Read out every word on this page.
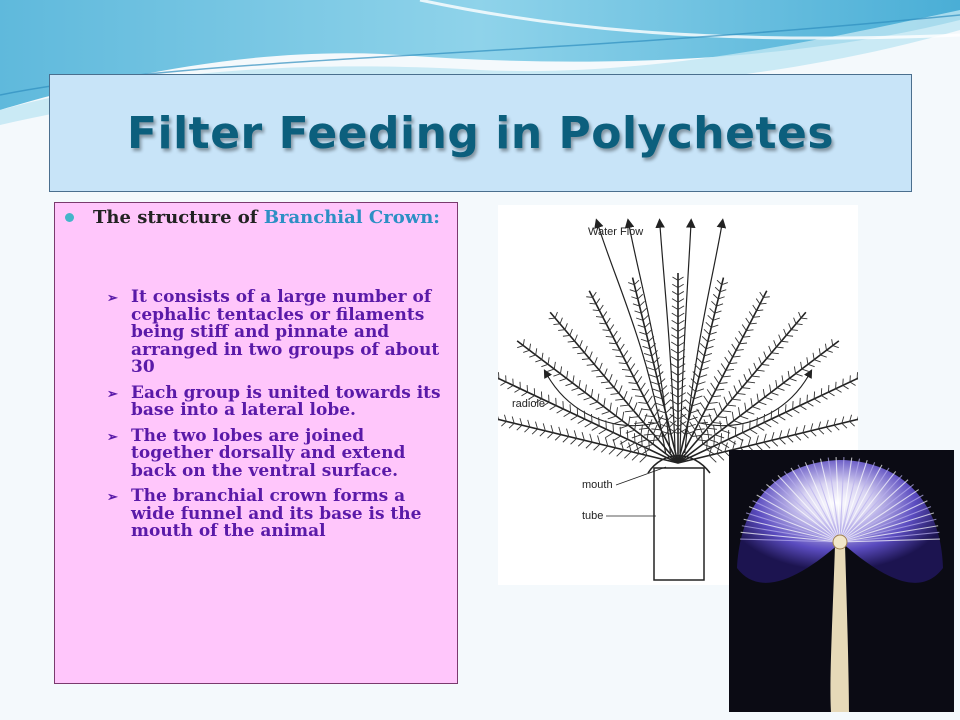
Filter Feeding in Polychetes
The structure of Branchial Crown:
➢ It consists of a large number of cephalic tentacles or filaments being stiff and pinnate and arranged in two groups of about 30
➢ Each group is united towards its base into a lateral lobe.
➢ The two lobes are joined together dorsally and extend back on the ventral surface.
➢ The branchial crown forms a wide funnel and its base is the mouth of the animal
Water Flow
radiole
mouth
tube
